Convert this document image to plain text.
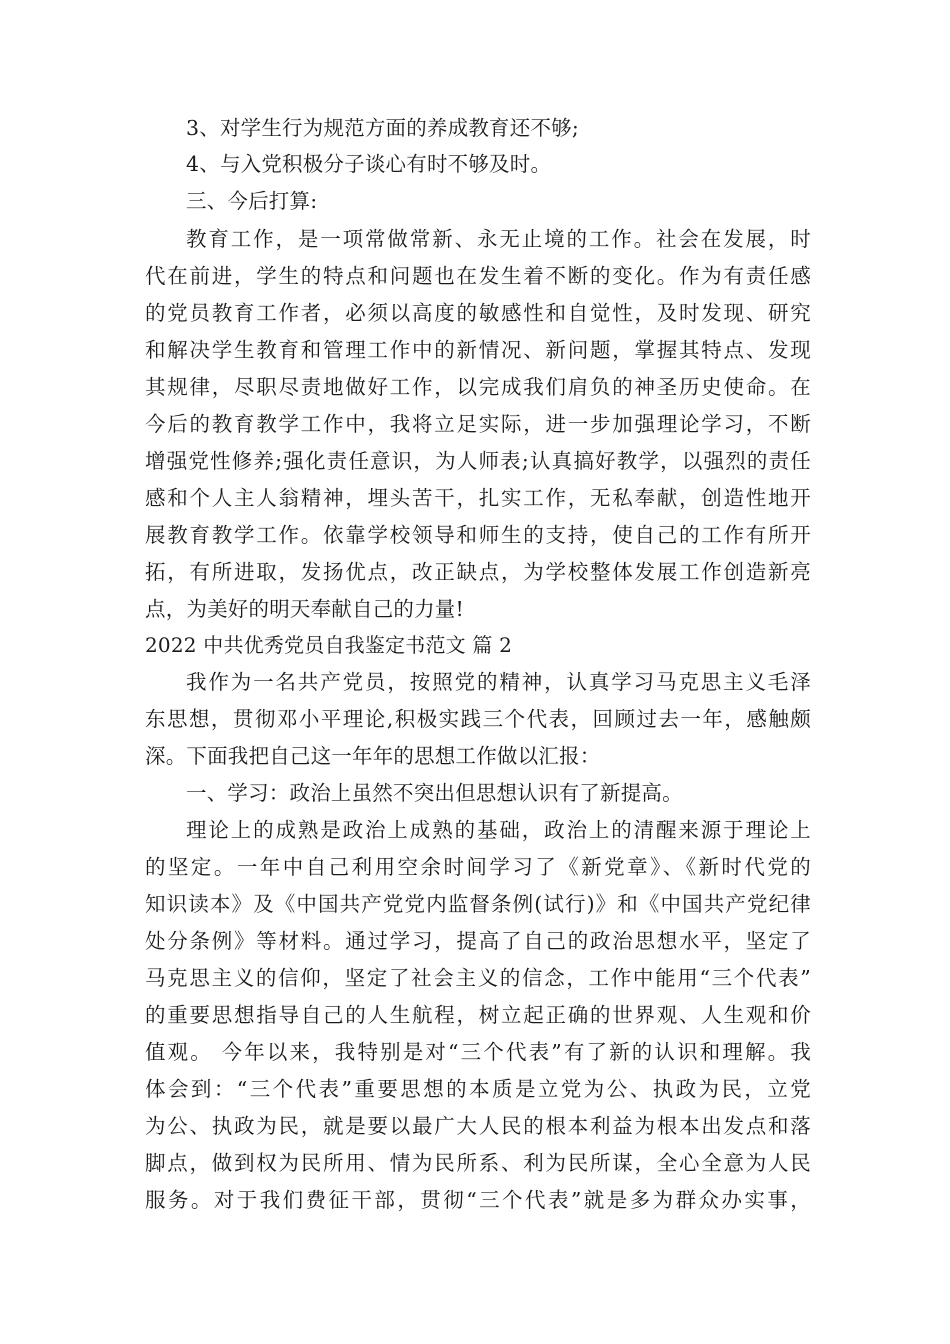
3、对学生行为规范方面的养成教育还不够;
4、与入党积极分子谈心有时不够及时。
三、今后打算:
教育工作，是一项常做常新、永无止境的工作。社会在发展，时
代在前进，学生的特点和问题也在发生着不断的变化。作为有责任感
的党员教育工作者，必须以高度的敏感性和自觉性，及时发现、研究
和解决学生教育和管理工作中的新情况、新问题，掌握其特点、发现
其规律，尽职尽责地做好工作，以完成我们肩负的神圣历史使命。在
今后的教育教学工作中，我将立足实际，进一步加强理论学习，不断
增强党性修养;强化责任意识，为人师表;认真搞好教学，以强烈的责任
感和个人主人翁精神，埋头苦干，扎实工作，无私奉献，创造性地开
展教育教学工作。依靠学校领导和师生的支持，使自己的工作有所开
拓，有所进取，发扬优点，改正缺点，为学校整体发展工作创造新亮
点，为美好的明天奉献自己的力量!
2022 中共优秀党员自我鉴定书范文 篇 2
我作为一名共产党员，按照党的精神，认真学习马克思主义毛泽
东思想，贯彻邓小平理论,积极实践三个代表，回顾过去一年，感触颇
深。下面我把自己这一年年的思想工作做以汇报：
一、学习：政治上虽然不突出但思想认识有了新提高。
理论上的成熟是政治上成熟的基础，政治上的清醒来源于理论上
的坚定。一年中自己利用空余时间学习了《新党章》、《新时代党的
知识读本》及《中国共产党党内监督条例(试行)》和《中国共产党纪律
处分条例》等材料。通过学习，提高了自己的政治思想水平，坚定了
马克思主义的信仰，坚定了社会主义的信念，工作中能用“三个代表”
的重要思想指导自己的人生航程，树立起正确的世界观、人生观和价
值观。 今年以来，我特别是对“三个代表”有了新的认识和理解。我
体会到：“三个代表”重要思想的本质是立党为公、执政为民，立党
为公、执政为民，就是要以最广大人民的根本利益为根本出发点和落
脚点，做到权为民所用、情为民所系、利为民所谋，全心全意为人民
服务。对于我们费征干部，贯彻“三个代表”就是多为群众办实事，
